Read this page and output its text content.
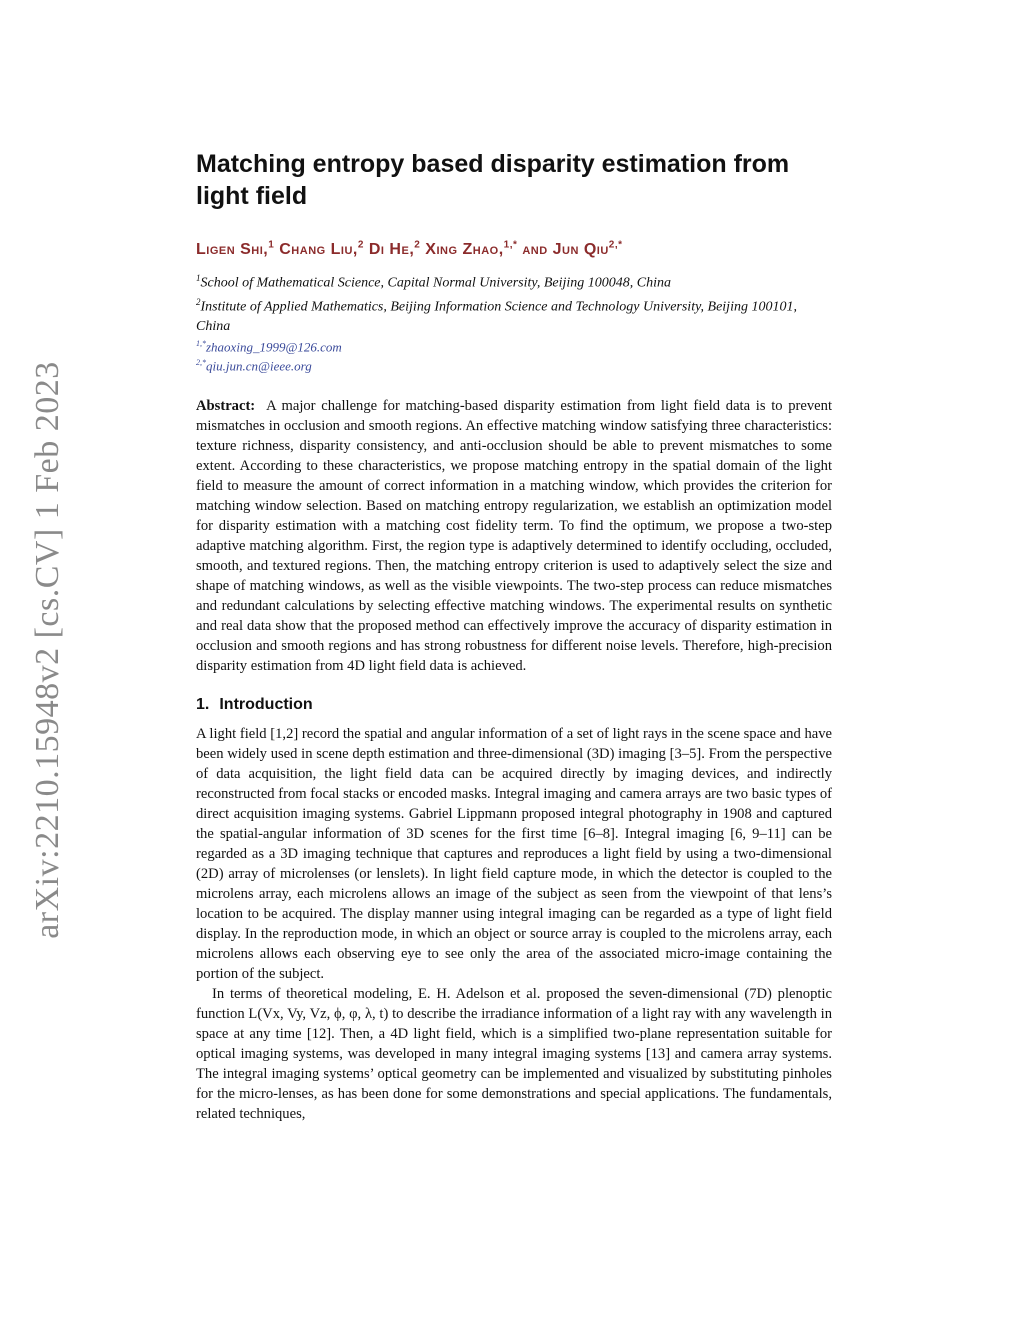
arXiv:2210.15948v2 [cs.CV] 1 Feb 2023
Matching entropy based disparity estimation from light field
Ligen Shi,$^1$ Chang Liu,$^2$ Di He,$^2$ Xing Zhao,$^{1,*}$ and Jun Qiu$^{2,*}$
$^1$School of Mathematical Science, Capital Normal University, Beijing 100048, China
$^2$Institute of Applied Mathematics, Beijing Information Science and Technology University, Beijing 100101, China
$^{1,*}$zhaoxing_1999@126.com
$^{2,*}$qiu.jun.cn@ieee.org
Abstract: A major challenge for matching-based disparity estimation from light field data is to prevent mismatches in occlusion and smooth regions. An effective matching window satisfying three characteristics: texture richness, disparity consistency, and anti-occlusion should be able to prevent mismatches to some extent. According to these characteristics, we propose matching entropy in the spatial domain of the light field to measure the amount of correct information in a matching window, which provides the criterion for matching window selection. Based on matching entropy regularization, we establish an optimization model for disparity estimation with a matching cost fidelity term. To find the optimum, we propose a two-step adaptive matching algorithm. First, the region type is adaptively determined to identify occluding, occluded, smooth, and textured regions. Then, the matching entropy criterion is used to adaptively select the size and shape of matching windows, as well as the visible viewpoints. The two-step process can reduce mismatches and redundant calculations by selecting effective matching windows. The experimental results on synthetic and real data show that the proposed method can effectively improve the accuracy of disparity estimation in occlusion and smooth regions and has strong robustness for different noise levels. Therefore, high-precision disparity estimation from 4D light field data is achieved.
1. Introduction

A light field [1,2] record the spatial and angular information of a set of light rays in the scene space and have been widely used in scene depth estimation and three-dimensional (3D) imaging [3–5]. From the perspective of data acquisition, the light field data can be acquired directly by imaging devices, and indirectly reconstructed from focal stacks or encoded masks. Integral imaging and camera arrays are two basic types of direct acquisition imaging systems. Gabriel Lippmann proposed integral photography in 1908 and captured the spatial-angular information of 3D scenes for the first time [6–8]. Integral imaging [6, 9–11] can be regarded as a 3D imaging technique that captures and reproduces a light field by using a two-dimensional (2D) array of microlenses (or lenslets). In light field capture mode, in which the detector is coupled to the microlens array, each microlens allows an image of the subject as seen from the viewpoint of that lens’s location to be acquired. The display manner using integral imaging can be regarded as a type of light field display. In the reproduction mode, in which an object or source array is coupled to the microlens array, each microlens allows each observing eye to see only the area of the associated micro-image containing the portion of the subject.

In terms of theoretical modeling, E. H. Adelson et al. proposed the seven-dimensional (7D) plenoptic function L(Vx, Vy, Vz, ϕ, φ, λ, t) to describe the irradiance information of a light ray with any wavelength in space at any time [12]. Then, a 4D light field, which is a simplified two-plane representation suitable for optical imaging systems, was developed in many integral imaging systems [13] and camera array systems. The integral imaging systems’ optical geometry can be implemented and visualized by substituting pinholes for the micro-lenses, as has been done for some demonstrations and special applications. The fundamentals, related techniques,
